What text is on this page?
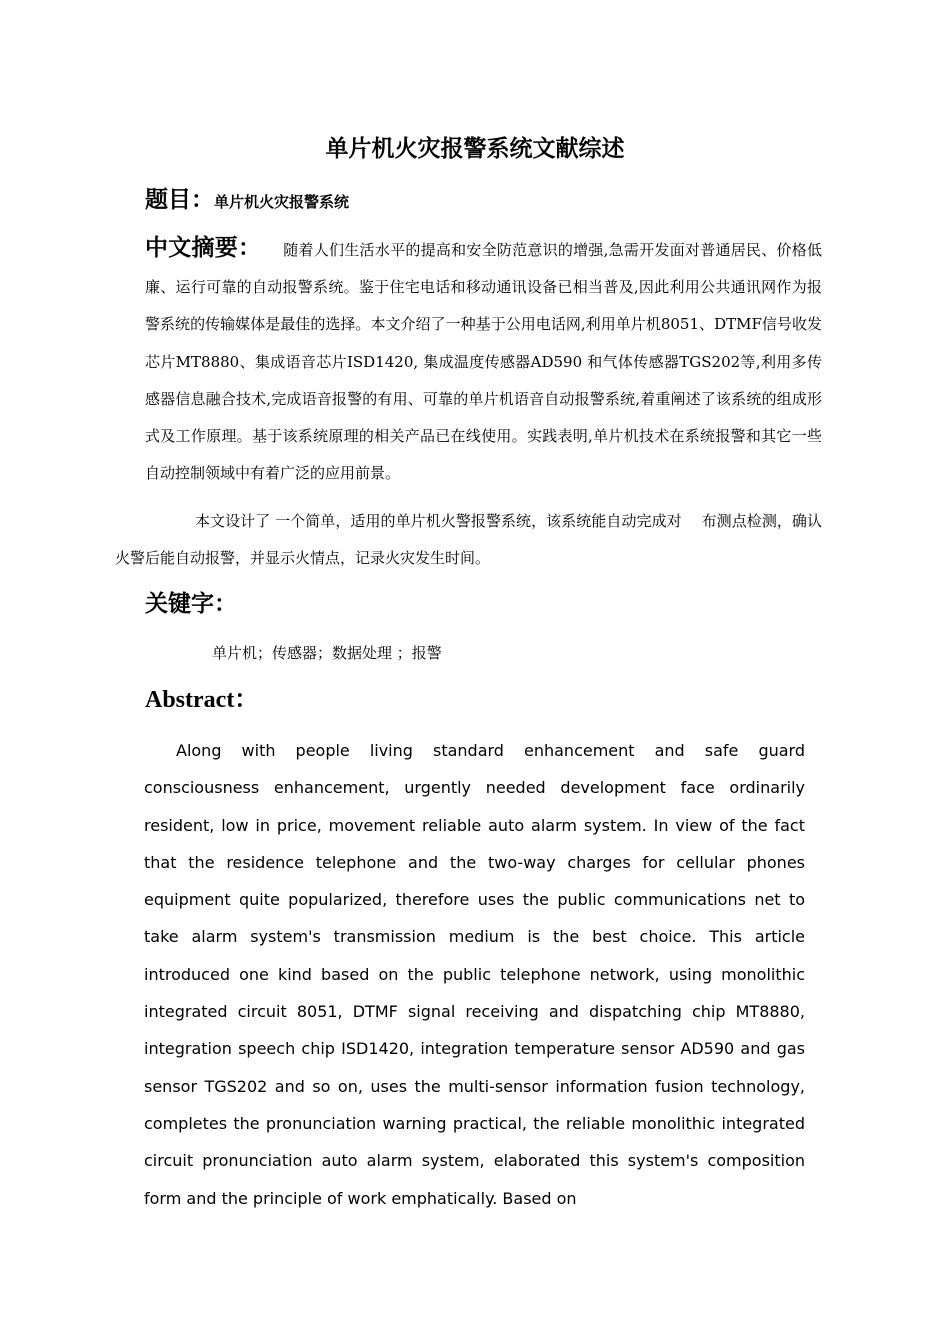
单片机火灾报警系统文献综述
题目：单片机火灾报警系统

中文摘要： 随着人们生活水平的提高和安全防范意识的增强,急需开发面对普通居民、价格低廉、运行可靠的自动报警系统。鉴于住宅电话和移动通讯设备已相当普及,因此利用公共通讯网作为报警系统的传输媒体是最佳的选择。本文介绍了一种基于公用电话网,利用单片机8051、DTMF信号收发芯片MT8880、集成语音芯片ISD1420, 集成温度传感器AD590 和气体传感器TGS202等,利用多传感器信息融合技术,完成语音报警的有用、可靠的单片机语音自动报警系统,着重阐述了该系统的组成形式及工作原理。基于该系统原理的相关产品已在线使用。实践表明,单片机技术在系统报警和其它一些自动控制领域中有着广泛的应用前景。

本文设计了 一个简单，适用的单片机火警报警系统，该系统能自动完成对　 布测点检测，确认火警后能自动报警，并显示火情点，记录火灾发生时间。

关键字：

单片机；传感器；数据处理 ；报警

Abstract：

Along with people living standard enhancement and safe guard consciousness enhancement, urgently needed development face ordinarily resident, low in price, movement reliable auto alarm system. In view of the fact that the residence telephone and the two-way charges for cellular phones equipment quite popularized, therefore uses the public communications net to take alarm system's transmission medium is the best choice. This article introduced one kind based on the public telephone network, using monolithic integrated circuit 8051, DTMF signal receiving and dispatching chip MT8880, integration speech chip ISD1420, integration temperature sensor AD590 and gas sensor TGS202 and so on, uses the multi-sensor information fusion technology, completes the pronunciation warning practical, the reliable monolithic integrated circuit pronunciation auto alarm system, elaborated this system's composition form and the principle of work emphatically. Based on
